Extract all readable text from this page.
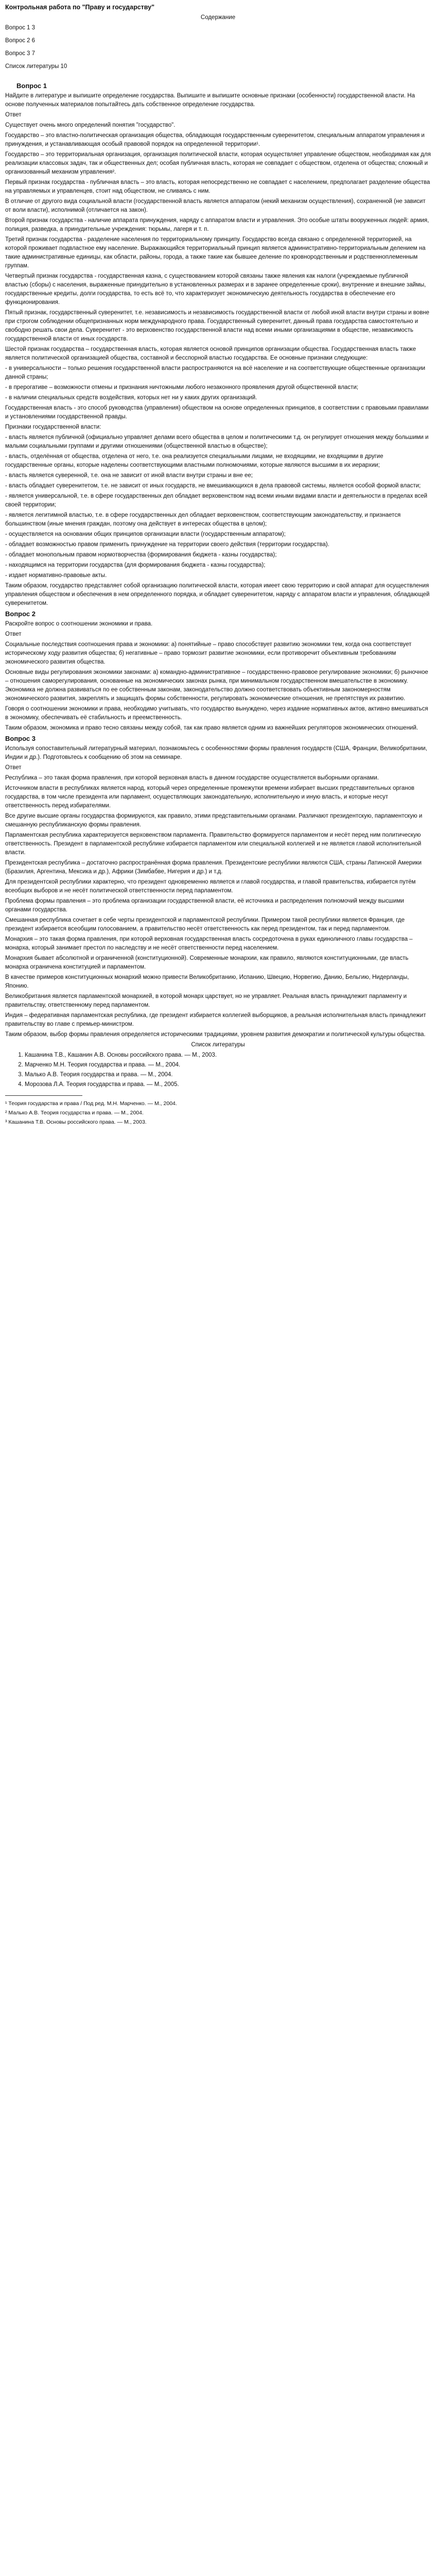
Контрольная работа по "Праву и государству"

Содержание

Вопрос 1 3
Вопрос 2 6
Вопрос 3 7
Список литературы 10

Вопрос 1

Найдите в литературе и выпишите определение государства. Выпишите и выпишите основные признаки (особенности) государственной власти. На основе полученных материалов попытайтесь дать собственное определение государства.

Ответ

Существует очень много определений понятия "государство".

Государство – это властно-политическая организация общества, обладающая государственным суверенитетом, специальным аппаратом управления и принуждения, и устанавливающая особый правовой порядок на определенной территории¹.

Государство – это территориальная организация, организация политической власти, которая осуществляет управление обществом, необходимая как для реализации классовых задач, так и общественных дел; особая публичная власть, которая не совпадает с обществом, отделена от общества; сложный и организованный механизм управления².

Первый признак государства - публичная власть – это власть, которая непосредственно не совпадает с населением, предполагает разделение общества на управляемых и управленцев, стоит над обществом, не сливаясь с ним.

В отличие от другого вида социальной власти (государственной власть является аппаратом (некий механизм осуществления), сохраненной (не зависит от воли власти), исполнимой (отличается на закон).

Второй признак государства - наличие аппарата принуждения, наряду с аппаратом власти и управления. Это особые штаты вооруженных людей: армия, полиция, разведка, а принудительные учреждения: тюрьмы, лагеря и т. п.

Третий признак государства - разделение населения по территориальному принципу. Государство всегда связано с определенной территорией, на которой проживает подвластное ему население. Выражающийся территориальный принцип является административно-территориальным делением на такие административные единицы, как области, районы, города, а также такие как бывшее деление по кровнородственным и родственноплеменным группам.

Четвертый признак государства - государственная казна, с существованием которой связаны также явления как налоги (учреждаемые публичной властью (сборы) с населения, выраженные принудительно в установленных размерах и в заранее определенные сроки), внутренние и внешние займы, государственные кредиты, долги государства, то есть всё то, что характеризует экономическую деятельность государства в обеспечение его функционирования.

Пятый признак, государственный суверенитет, т.е. независимость и независимость государственной власти от любой иной власти внутри страны и вовне при строгом соблюдении общепризнанных норм международного права. Государственный суверенитет, данный права государства самостоятельно и свободно решать свои дела. Суверенитет - это верховенство государственной власти над всеми иными организациями в обществе, независимость государственной власти от иных государств.

Шестой признак государства – государственная власть, которая является основой принципов организации общества. Государственная власть также является политической организацией общества, составной и бесспорной властью государства. Ее основные признаки следующие:

- в универсальности – только решения государственной власти распространяются на всё население и на соответствующие общественные организации данной страны;

- в прерогативе – возможности отмены и признания ничтожными любого незаконного проявления другой общественной власти;

- в наличии специальных средств воздействия, которых нет ни у каких других организаций.

Государственная власть - это способ руководства (управления) обществом на основе определенных принципов, в соответствии с правовыми правилами и установлениями государственной правды.

Признаки государственной власти:

- власть является публичной (официально управляет делами всего общества в целом и политическими т.д. он регулирует отношения между большими и малыми социальными группами и другими отношениями (общественной властью в обществе);

- власть, отделённая от общества, отделена от него, т.е. она реализуется специальными лицами, не входящими, не входящими в другие государственные органы, которые наделены соответствующими властными полномочиями, которые являются высшими в их иерархии;

- власть является суверенной, т.е. она не зависит от иной власти внутри страны и вне ее;

- власть обладает суверенитетом, т.е. не зависит от иных государств, не вмешивающихся в дела правовой системы, является особой формой власти;

- является универсальной, т.е. в сфере государственных дел обладает верховенством над всеми иными видами власти и деятельности в пределах всей своей территории;

- является легитимной властью, т.е. в сфере государственных дел обладает верховенством, соответствующим законодательству, и признается большинством (иные мнения граждан, поэтому она действует в интересах общества в целом);

- осуществляется на основании общих принципов организации власти (государственным аппаратом);

- обладает возможностью правом применить принуждение на территории своего действия (территории государства).

- обладает монопольным правом нормотворчества (формирования бюджета - казны государства);

- находящимся на территории государства (для формирования бюджета - казны государства);

- издает нормативно-правовые акты.

Таким образом, государство представляет собой организацию политической власти, которая имеет свою территорию и свой аппарат для осуществления управления обществом и обеспечения в нем определенного порядка, и обладает суверенитетом, наряду с аппаратом власти и управления, обладающей суверенитетом.

Вопрос 2

Раскройте вопрос о соотношении экономики и права.

Ответ

Социальные последствия соотношения права и экономики: а) понятийные – право способствует развитию экономики тем, когда она соответствует историческому ходу развития общества; б) негативные – право тормозит развитие экономики, если противоречит объективным требованиям экономического развития общества.

Основные виды регулирования экономики законами: а) командно-административное – государственно-правовое регулирование экономики; б) рыночное – отношения саморегулирования, основанные на экономических законах рынка, при минимальном государственном вмешательстве в экономику. Экономика не должна развиваться по ее собственным законам, законодательство должно соответствовать объективным закономерностям экономического развития, закреплять и защищать формы собственности, регулировать экономические отношения, не препятствуя их развитию.

Говоря о соотношении экономики и права, необходимо учитывать, что государство вынуждено, через издание нормативных актов, активно вмешиваться в экономику, обеспечивать её стабильность и преемственность.

Таким образом, экономика и право тесно связаны между собой, так как право является одним из важнейших регуляторов экономических отношений.

Вопрос 3

Используя сопоставительный литературный материал, познакомьтесь с особенностями формы правления государств (США, Франции, Великобритании, Индии и др.). Подготовьтесь к сообщению об этом на семинаре.

Ответ

Республика – это такая форма правления, при которой верховная власть в данном государстве осуществляется выборными органами.

Источником власти в республиках является народ, который через определенные промежутки времени избирает высших представительных органов государства, в том числе президента или парламент, осуществляющих законодательную, исполнительную и иную власть, и которые несут ответственность перед избирателями.

Все другие высшие органы государства формируются, как правило, этими представительными органами. Различают президентскую, парламентскую и смешанную республиканскую формы правления.

Парламентская республика характеризуется верховенством парламента. Правительство формируется парламентом и несёт перед ним политическую ответственность. Президент в парламентской республике избирается парламентом или специальной коллегией и не является главой исполнительной власти.

Президентская республика – достаточно распространённая форма правления. Президентские республики являются США, страны Латинской Америки (Бразилия, Аргентина, Мексика и др.), Африки (Зимбабве, Нигерия и др.) и т.д.

Для президентской республики характерно, что президент одновременно является и главой государства, и главой правительства, избирается путём всеобщих выборов и не несёт политической ответственности перед парламентом.

Проблема формы правления – это проблема организации государственной власти, её источника и распределения полномочий между высшими органами государства.

Смешанная республика сочетает в себе черты президентской и парламентской республики. Примером такой республики является Франция, где президент избирается всеобщим голосованием, а правительство несёт ответственность как перед президентом, так и перед парламентом.

Монархия – это такая форма правления, при которой верховная государственная власть сосредоточена в руках единоличного главы государства – монарха, который занимает престол по наследству и не несёт ответственности перед населением.

Монархия бывает абсолютной и ограниченной (конституционной). Современные монархии, как правило, являются конституционными, где власть монарха ограничена конституцией и парламентом.

В качестве примеров конституционных монархий можно привести Великобританию, Испанию, Швецию, Норвегию, Данию, Бельгию, Нидерланды, Японию.

Великобритания является парламентской монархией, в которой монарх царствует, но не управляет. Реальная власть принадлежит парламенту и правительству, ответственному перед парламентом.

Индия – федеративная парламентская республика, где президент избирается коллегией выборщиков, а реальная исполнительная власть принадлежит правительству во главе с премьер-министром.

Таким образом, выбор формы правления определяется историческими традициями, уровнем развития демократии и политической культуры общества.

Список литературы

1. Кашанина Т.В., Кашанин А.В. Основы российского права. — М., 2003.
2. Марченко М.Н. Теория государства и права. — М., 2004.
3. Малько А.В. Теория государства и права. — М., 2004.
4. Морозова Л.А. Теория государства и права. — М., 2005.

¹ Теория государства и права / Под ред. М.Н. Марченко. — М., 2004.

² Малько А.В. Теория государства и права. — М., 2004.

³ Кашанина Т.В. Основы российского права. — М., 2003.
